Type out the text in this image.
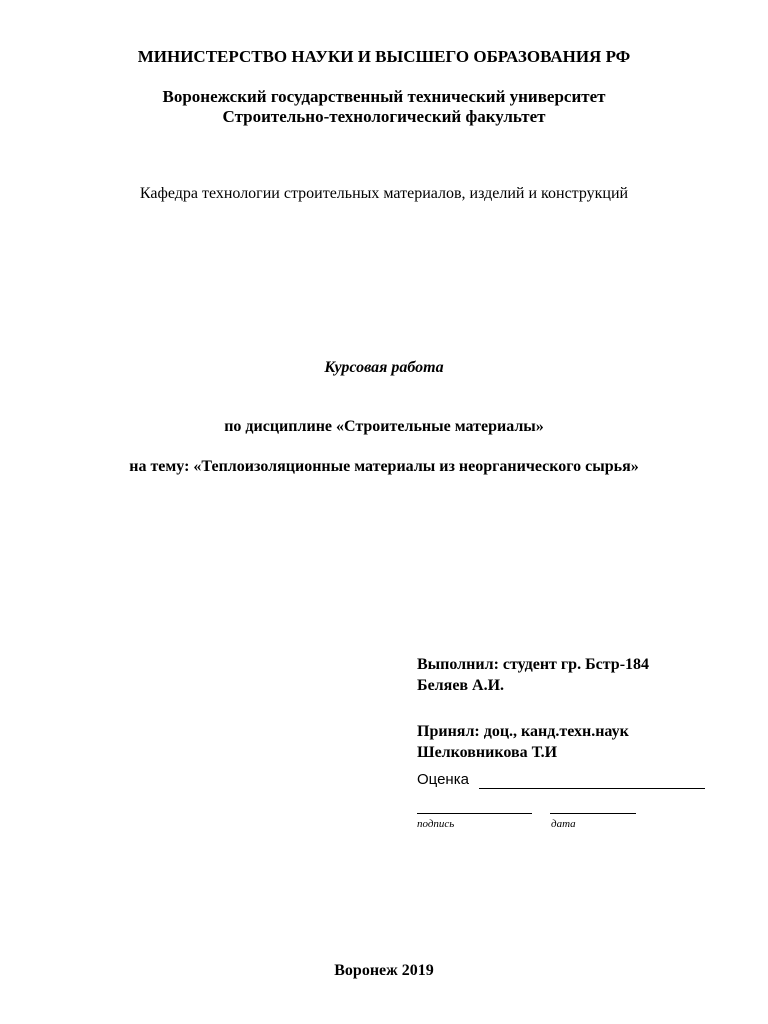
МИНИСТЕРСТВО НАУКИ И ВЫСШЕГО ОБРАЗОВАНИЯ РФ
Воронежский государственный технический университет
Строительно-технологический факультет
Кафедра технологии строительных материалов, изделий и конструкций
Курсовая работа
по дисциплине «Строительные материалы»
на тему: «Теплоизоляционные материалы из неорганического сырья»
Выполнил: студент гр. Бстр-184
Беляев А.И.
Принял: доц., канд.техн.наук
Шелковникова Т.И
Оценка
подпись	дата
Воронеж 2019
